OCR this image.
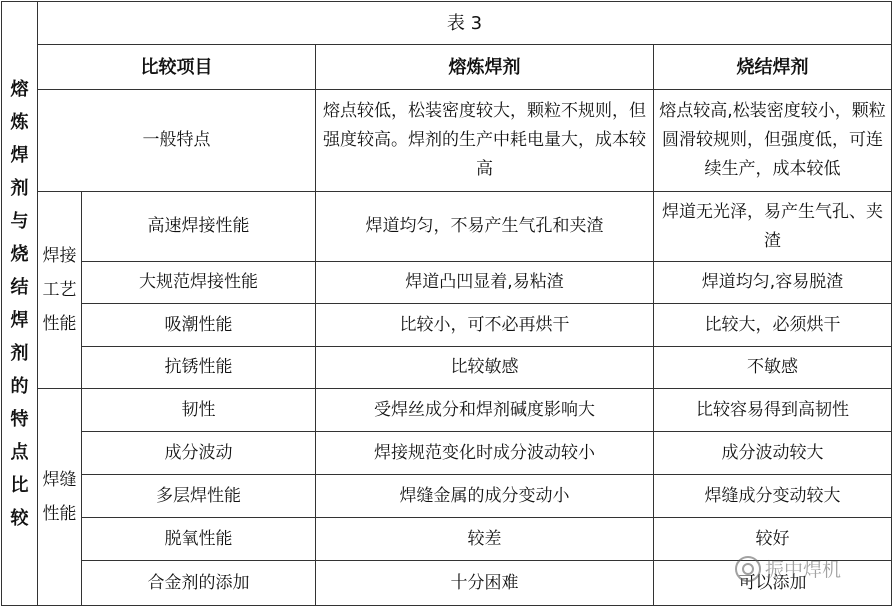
熔炼焊剂与烧结焊剂的特点比较	表 3			
	比较项目		熔炼焊剂	烧结焊剂
	一般特点		熔点较低，松装密度较大，颗粒不规则，但强度较高。焊剂的生产中耗电量大，成本较高	熔点较高,松装密度较小，颗粒圆滑较规则，但强度低，可连续生产，成本较低

	焊接工艺性能	高速焊接性能	焊道均匀，不易产生气孔和夹渣	焊道无光泽，易产生气孔、夹渣
		大规范焊接性能	焊道凸凹显着,易粘渣	焊道均匀,容易脱渣
		吸潮性能	比较小，可不必再烘干	比较大，必须烘干
		抗锈性能	比较敏感	不敏感

	焊缝性能	韧性	受焊丝成分和焊剂碱度影响大	比较容易得到高韧性
		成分波动	焊接规范变化时成分波动较小	成分波动较大
		多层焊性能	焊缝金属的成分变动小	焊缝成分变动较大
		脱氧性能	较差	较好
		合金剂的添加	十分困难	可以添加
振中焊机
